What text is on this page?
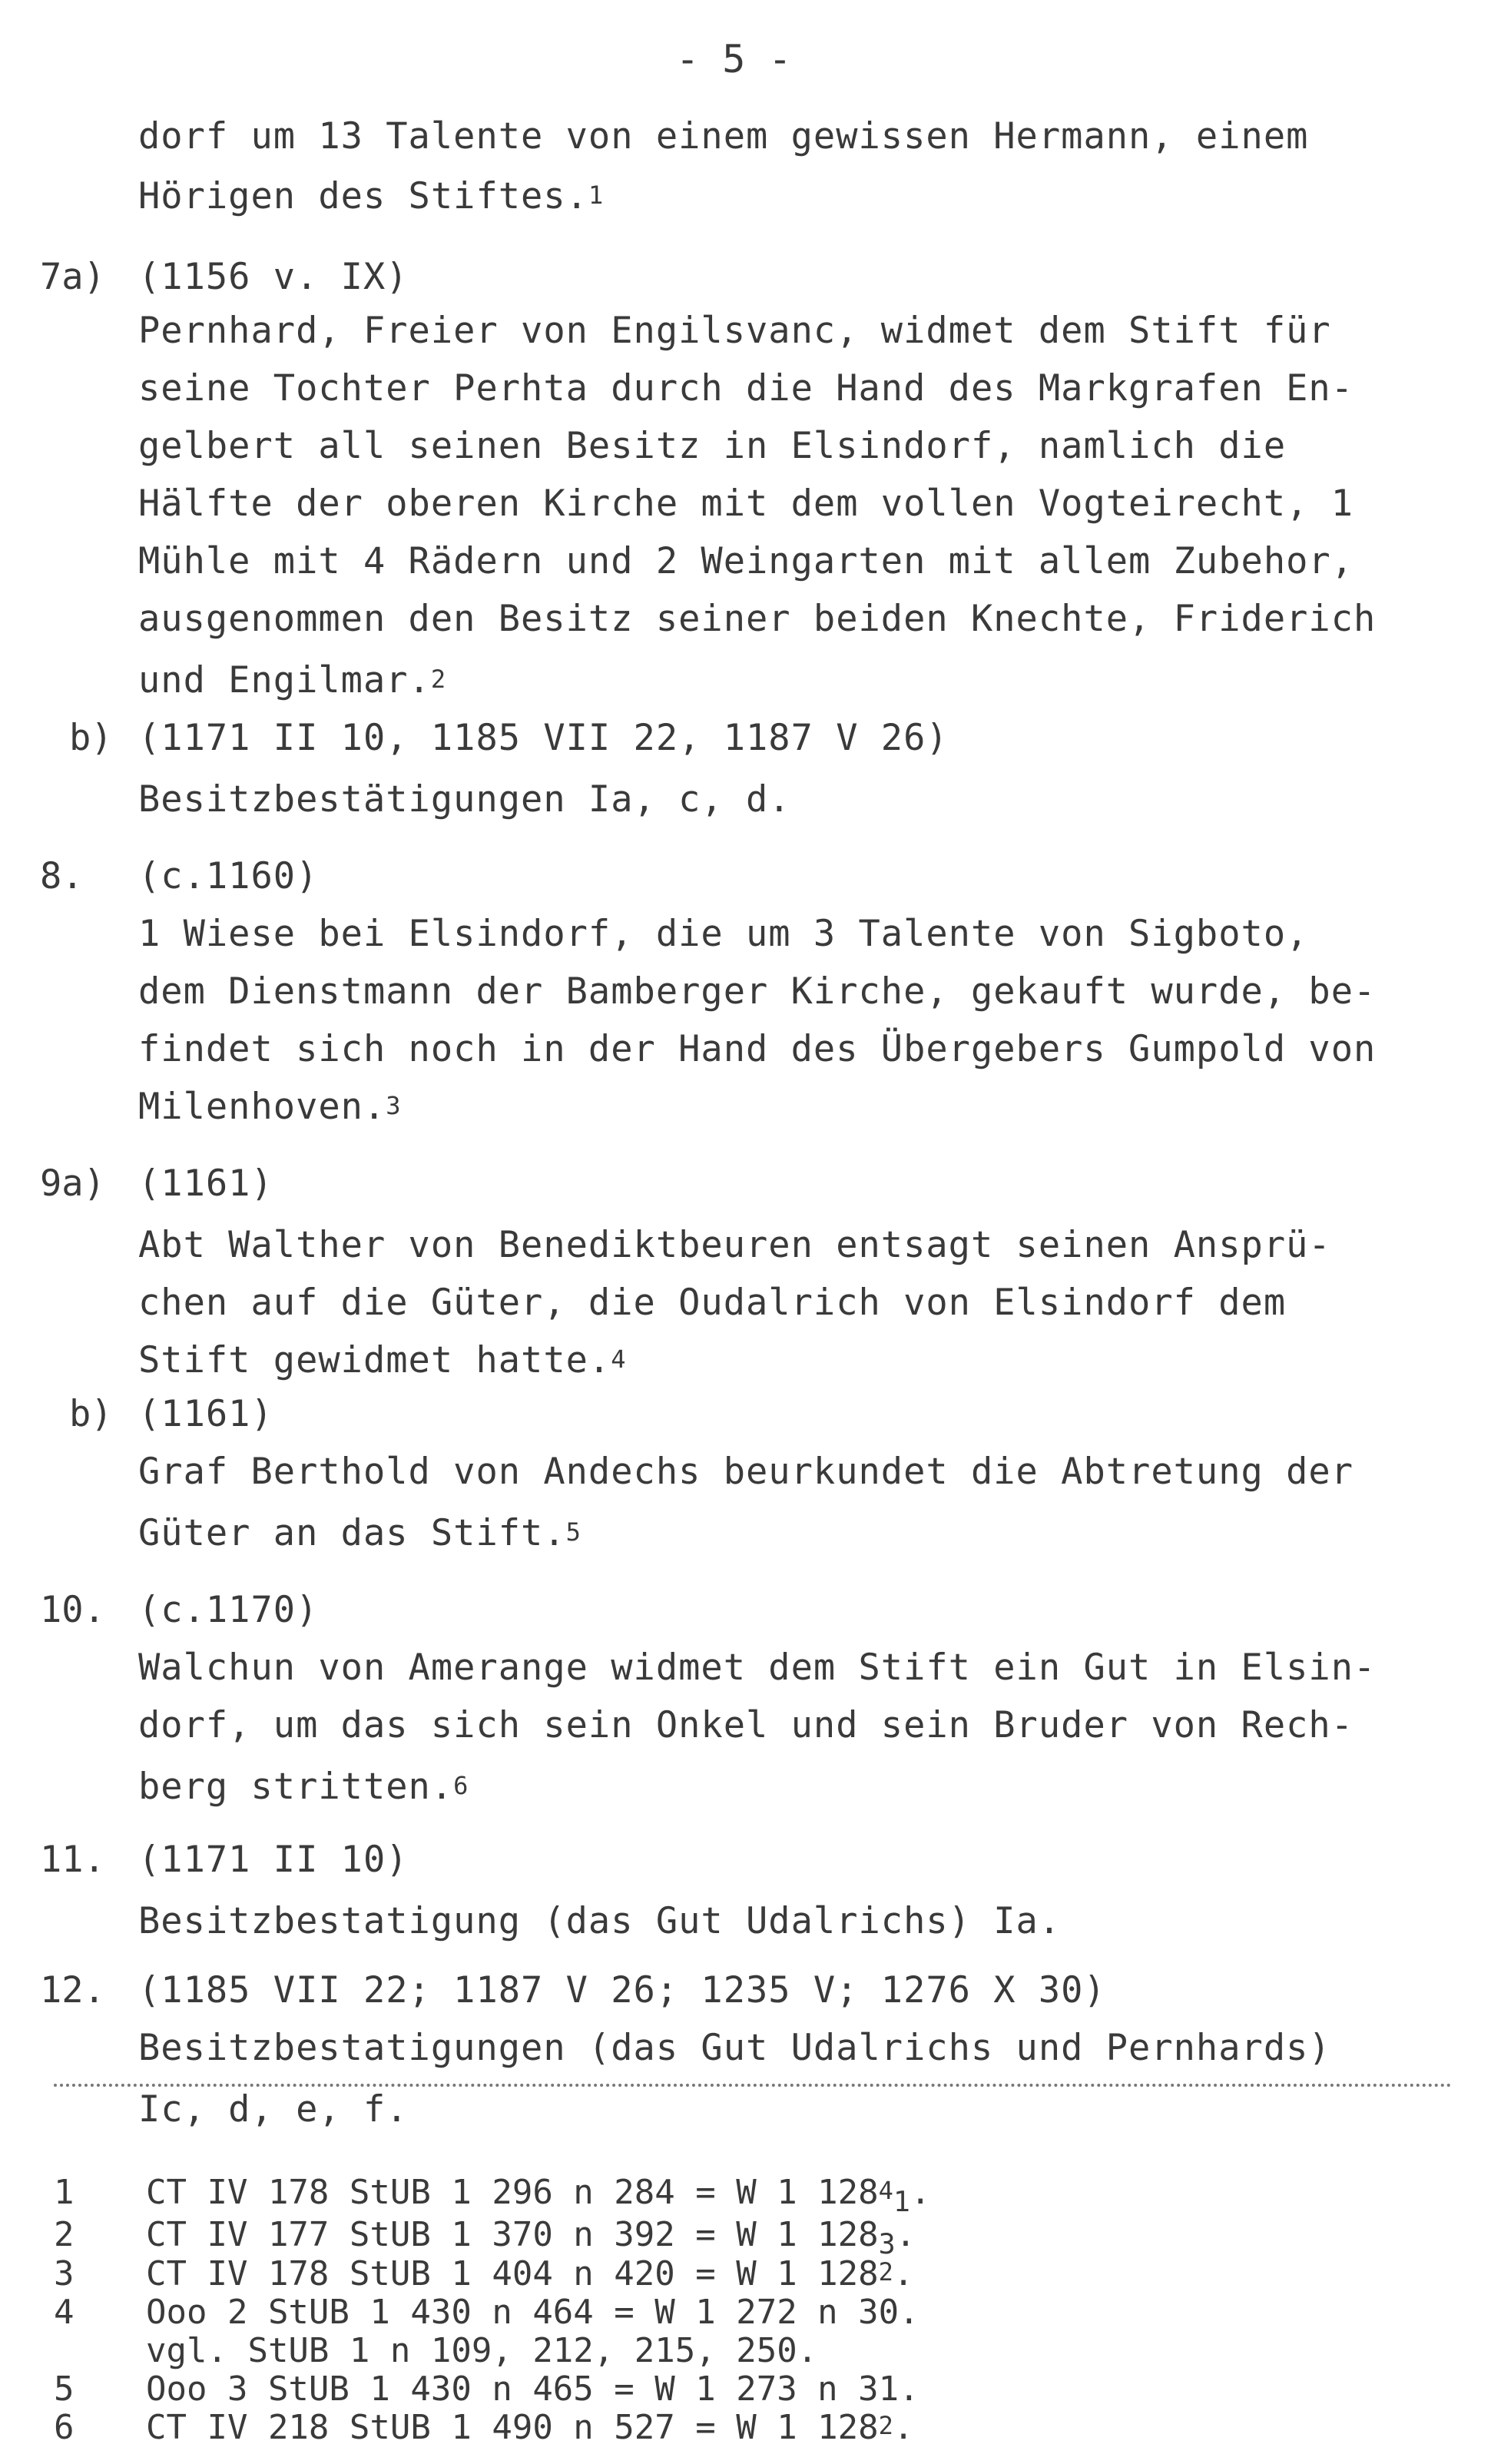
- 5 -
dorf um 13 Talente von einem gewissen Hermann, einem
Hörigen des Stiftes.$^1$
7a) (1156 v. IX)
Pernhard, Freier von Engilsvanc, widmet dem Stift für
seine Tochter Perhta durch die Hand des Markgrafen En-
gelbert all seinen Besitz in Elsindorf, namlich die
Hälfte der oberen Kirche mit dem vollen Vogteirecht, 1
Mühle mit 4 Rädern und 2 Weingarten mit allem Zubehor,
ausgenommen den Besitz seiner beiden Knechte, Friderich
und Engilmar.$^2$
b) (1171 II 10, 1185 VII 22, 1187 V 26)
Besitzbestätigungen Ia, c, d.
8. (c.1160)
1 Wiese bei Elsindorf, die um 3 Talente von Sigboto,
dem Dienstmann der Bamberger Kirche, gekauft wurde, be-
findet sich noch in der Hand des Übergebers Gumpold von
Milenhoven.$^3$
9a) (1161)
Abt Walther von Benediktbeuren entsagt seinen Ansprü-
chen auf die Güter, die Oudalrich von Elsindorf dem
Stift gewidmet hatte.$^4$
b) (1161)
Graf Berthold von Andechs beurkundet die Abtretung der
Güter an das Stift.$^5$
10. (c.1170)
Walchun von Amerange widmet dem Stift ein Gut in Elsin-
dorf, um das sich sein Onkel und sein Bruder von Rech-
berg stritten.$^6$
11. (1171 II 10)
Besitzbestatigung (das Gut Udalrichs) Ia.
12. (1185 VII 22; 1187 V 26; 1235 V; 1276 X 30)
Besitzbestatigungen (das Gut Udalrichs und Pernhards)
Ic, d, e, f.
1 CT IV 178 StUB 1 296 n 284 = W 1 $128^4_1$.
2 CT IV 177 StUB 1 370 n 392 = W 1 $128_3$.
3 CT IV 178 StUB 1 404 n 420 = W 1 $128^2$.
4 Ooo 2 StUB 1 430 n 464 = W 1 272 n 30.
vgl. StUB 1 n 109, 212, 215, 250.
5 Ooo 3 StUB 1 430 n 465 = W 1 273 n 31.
6 CT IV 218 StUB 1 490 n 527 = W 1 $128^2$.
